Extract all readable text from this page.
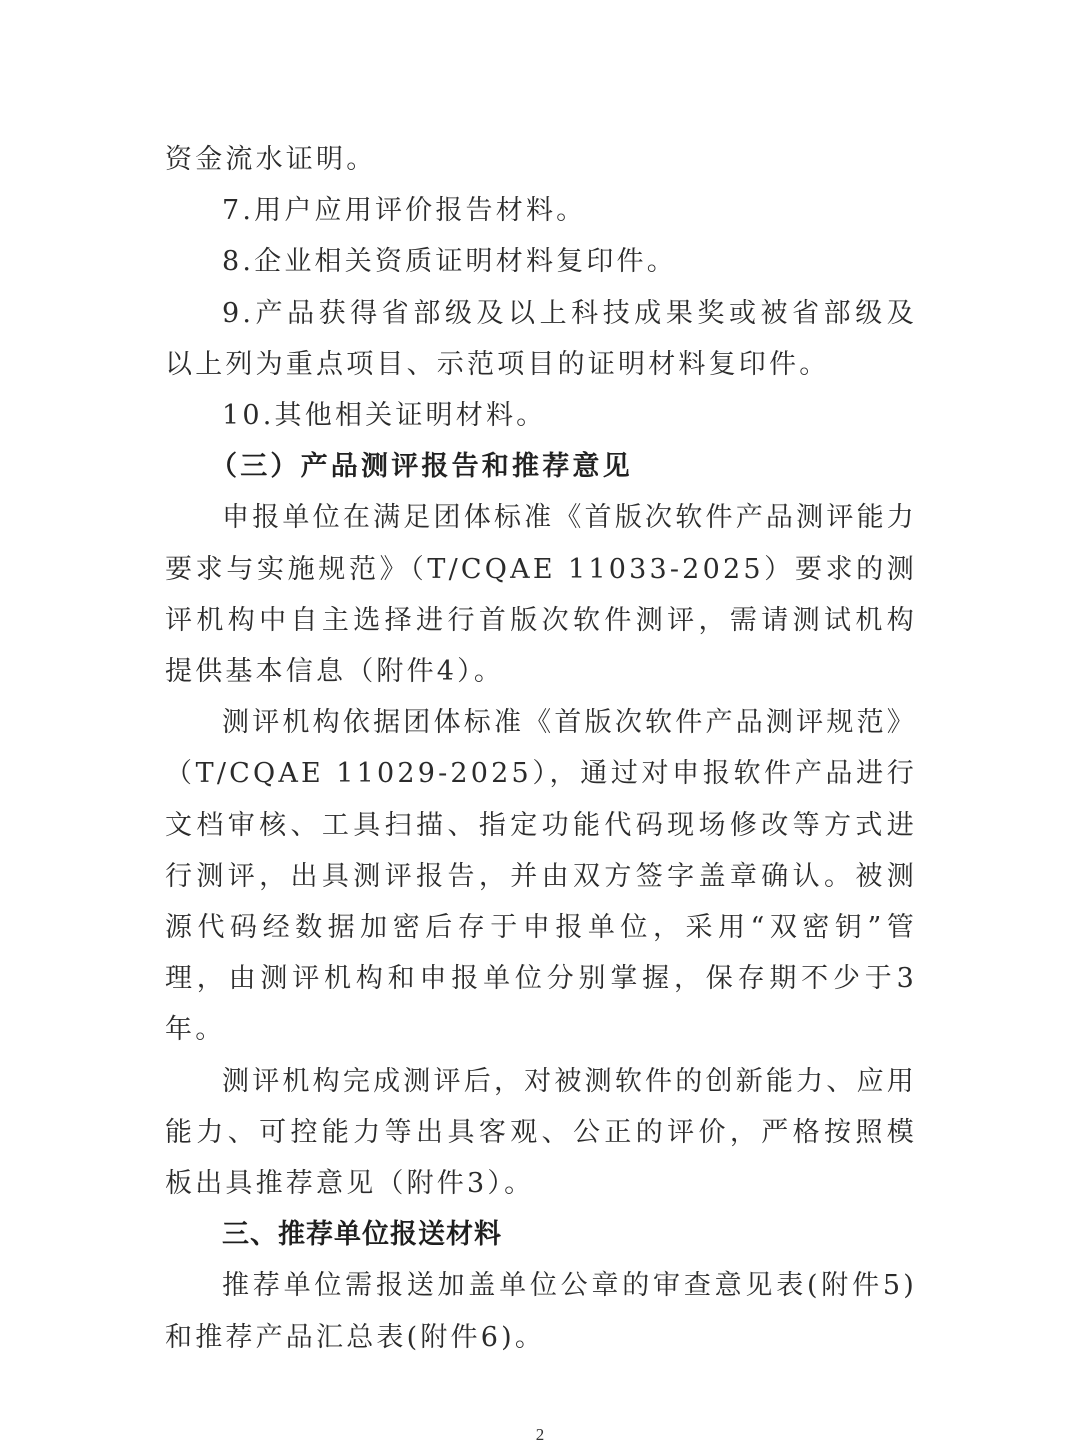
资金流水证明。

7.用户应用评价报告材料。

8.企业相关资质证明材料复印件。

9.产品获得省部级及以上科技成果奖或被省部级及以上列为重点项目、示范项目的证明材料复印件。

10.其他相关证明材料。

（三）产品测评报告和推荐意见

申报单位在满足团体标准《首版次软件产品测评能力要求与实施规范》（T/CQAE 11033-2025）要求的测评机构中自主选择进行首版次软件测评，需请测试机构提供基本信息（附件4）。

测评机构依据团体标准《首版次软件产品测评规范》（T/CQAE 11029-2025），通过对申报软件产品进行文档审核、工具扫描、指定功能代码现场修改等方式进行测评，出具测评报告，并由双方签字盖章确认。被测源代码经数据加密后存于申报单位，采用“双密钥”管理，由测评机构和申报单位分别掌握，保存期不少于3年。

测评机构完成测评后，对被测软件的创新能力、应用能力、可控能力等出具客观、公正的评价，严格按照模板出具推荐意见（附件3）。

三、推荐单位报送材料

推荐单位需报送加盖单位公章的审查意见表(附件5)和推荐产品汇总表(附件6)。

2
